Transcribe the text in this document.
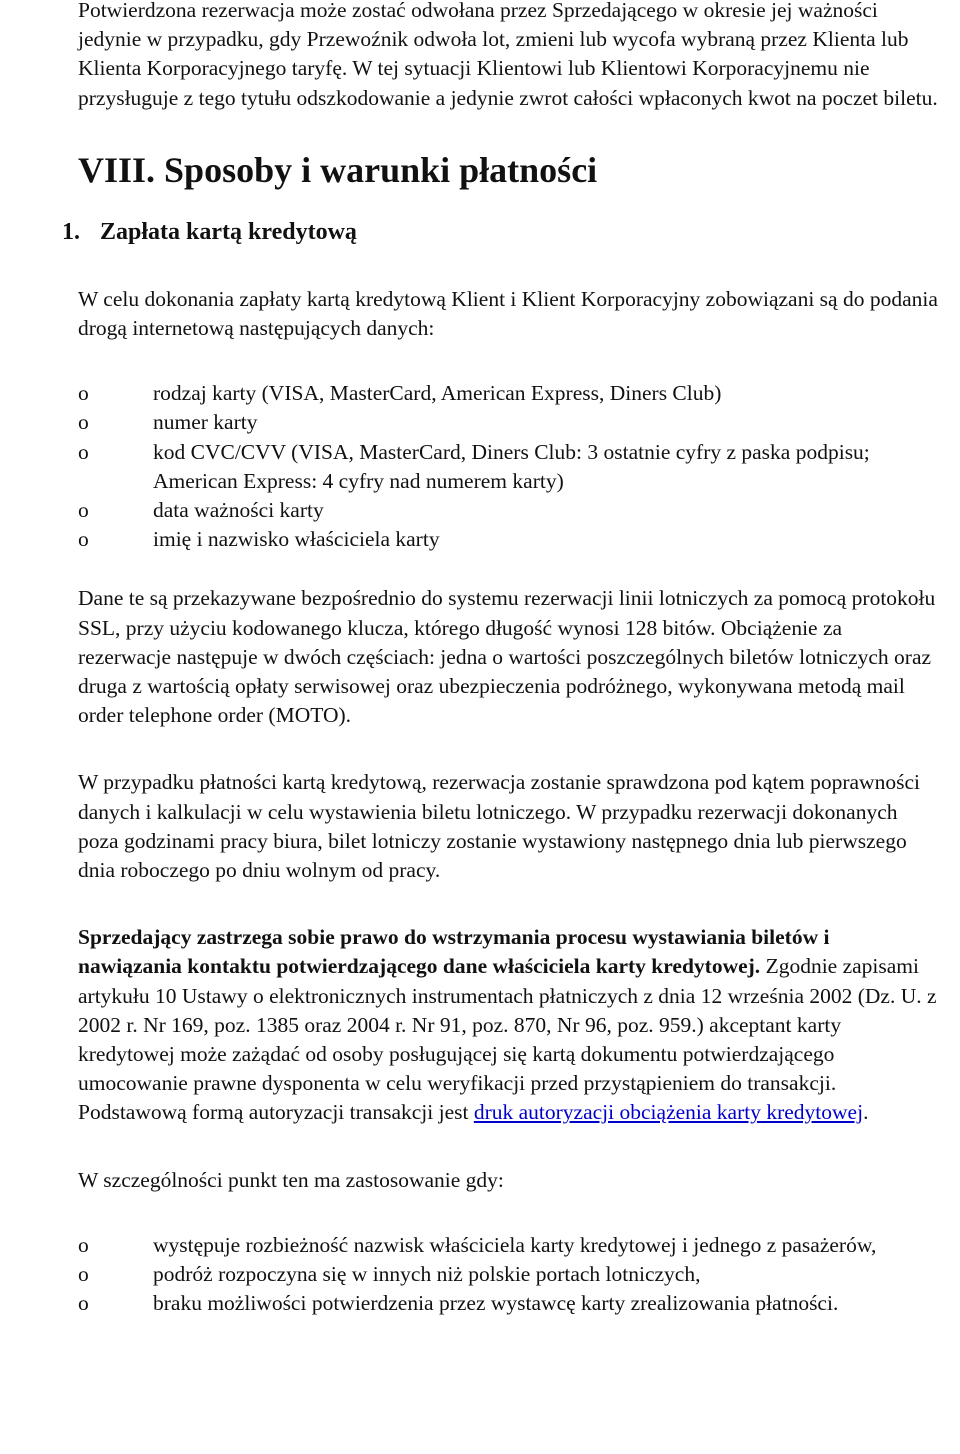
Potwierdzona rezerwacja może zostać odwołana przez Sprzedającego w okresie jej ważności jedynie w przypadku, gdy Przewoźnik odwoła lot, zmieni lub wycofa wybraną przez Klienta lub Klienta Korporacyjnego taryfę. W tej sytuacji Klientowi lub Klientowi Korporacyjnemu nie przysługuje z tego tytułu odszkodowanie a jedynie zwrot całości wpłaconych kwot na poczet biletu.

VIII. Sposoby i warunki płatności
1. Zapłata kartą kredytową

W celu dokonania zapłaty kartą kredytową Klient i Klient Korporacyjny zobowiązani są do podania drogą internetową następujących danych:

o	rodzaj karty (VISA, MasterCard, American Express, Diners Club)
o	numer karty
o	kod CVC/CVV (VISA, MasterCard, Diners Club: 3 ostatnie cyfry z paska podpisu; American Express: 4 cyfry nad numerem karty)
o	data ważności karty
o	imię i nazwisko właściciela karty

Dane te są przekazywane bezpośrednio do systemu rezerwacji linii lotniczych za pomocą protokołu SSL, przy użyciu kodowanego klucza, którego długość wynosi 128 bitów. Obciążenie za rezerwacje następuje w dwóch częściach: jedna o wartości poszczególnych biletów lotniczych oraz druga z wartością opłaty serwisowej oraz ubezpieczenia podróżnego, wykonywana metodą mail order telephone order (MOTO).

W przypadku płatności kartą kredytową, rezerwacja zostanie sprawdzona pod kątem poprawności danych i kalkulacji w celu wystawienia biletu lotniczego. W przypadku rezerwacji dokonanych poza godzinami pracy biura, bilet lotniczy zostanie wystawiony następnego dnia lub pierwszego dnia roboczego po dniu wolnym od pracy.

Sprzedający zastrzega sobie prawo do wstrzymania procesu wystawiania biletów i nawiązania kontaktu potwierdzającego dane właściciela karty kredytowej. Zgodnie zapisami artykułu 10 Ustawy o elektronicznych instrumentach płatniczych z dnia 12 września 2002 (Dz. U. z 2002 r. Nr 169, poz. 1385 oraz 2004 r. Nr 91, poz. 870, Nr 96, poz. 959.) akceptant karty kredytowej może zażądać od osoby posługującej się kartą dokumentu potwierdzającego umocowanie prawne dysponenta w celu weryfikacji przed przystąpieniem do transakcji. Podstawową formą autoryzacji transakcji jest druk autoryzacji obciążenia karty kredytowej.

W szczególności punkt ten ma zastosowanie gdy:

o	występuje rozbieżność nazwisk właściciela karty kredytowej i jednego z pasażerów,
o	podróż rozpoczyna się w innych niż polskie portach lotniczych,
o	braku możliwości potwierdzenia przez wystawcę karty zrealizowania płatności.
